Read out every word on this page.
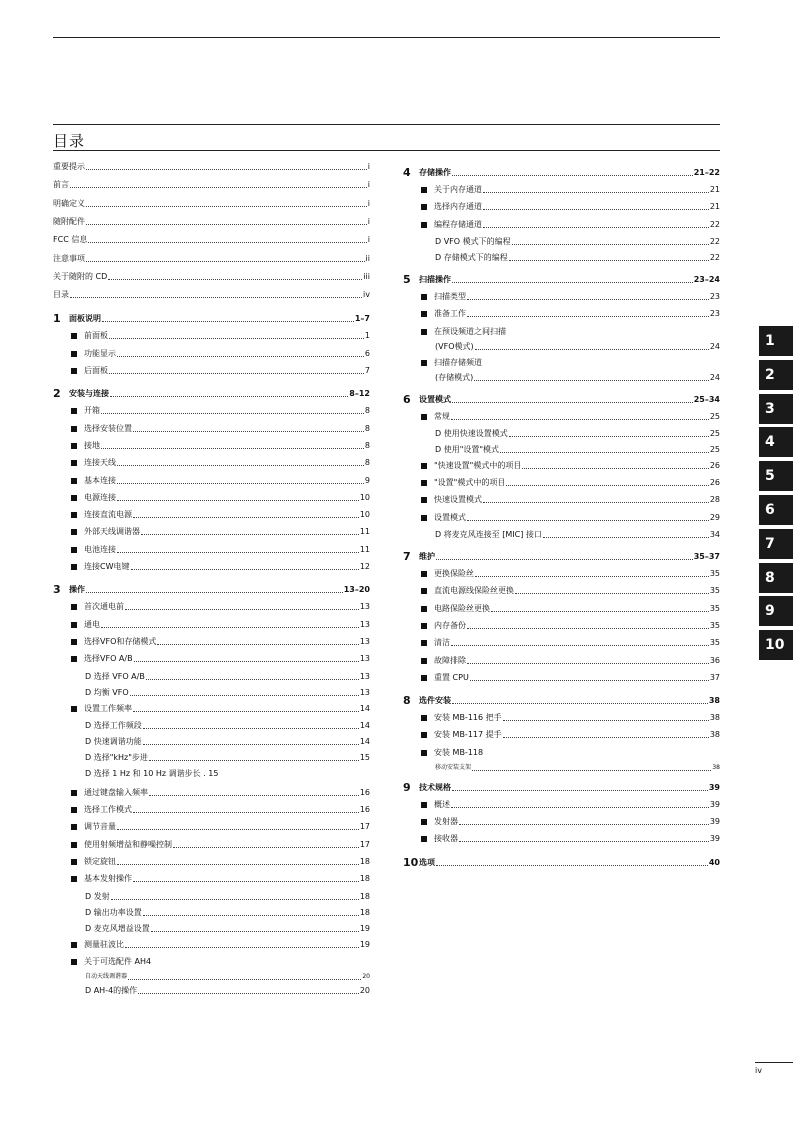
目录
重要提示	i
前言	i
明确定义	i
随附配件	i
FCC 信息	i
注意事项	ii
关于随附的 CD	iii
目录	iv
1	面板说明	1–7
前面板	1
功能显示	6
后面板	7
2	安装与连接	8–12
开箱	8
选择安装位置	8
接地	8
连接天线	8
基本连接	9
电源连接	10
连接直流电源	10
外部天线调谐器	11
电池连接	11
连接CW电键	12
3	操作	13–20
首次通电前	13
通电	13
选择VFO和存储模式	13
选择VFO A/B	13
D 选择 VFO A/B	13
D 均衡 VFO	13
设置工作频率	14
D 选择工作频段	14
D 快速调谐功能	14
D 选择"kHz"步进	15
D 选择 1 Hz 和 10 Hz 调谐步长 . 15
通过键盘输入频率	16
选择工作模式	16
调节音量	17
使用射频增益和静噪控制	17
锁定旋钮	18
基本发射操作	18
D 发射	18
D 输出功率设置	18
D 麦克风增益设置	19
测量驻波比	19
关于可选配件 AH4
自动天线调谐器	20
D AH-4的操作	20
4	存储操作	21–22
关于内存通道	21
选择内存通道	21
编程存储通道	22
D VFO 模式下的编程	22
D 存储模式下的编程	22
5	扫描操作	23–24
扫描类型	23
准备工作	23
在预设频道之间扫描
(VFO模式)	24
扫描存储频道
(存储模式)	24
6	设置模式	25–34
常规	25
D 使用快速设置模式	25
D 使用"设置"模式	25
"快速设置"模式中的项目	26
"设置"模式中的项目	26
快速设置模式	28
设置模式	29
D 将麦克风连接至 [MIC] 接口	34
7	维护	35–37
更换保险丝	35
直流电源线保险丝更换	35
电路保险丝更换	35
内存备份	35
清洁	35
故障排除	36
重置 CPU	37
8	选件安装	38
安装 MB-116 把手	38
安装 MB-117 提手	38
安装 MB-118
移动安装支架	38
9	技术规格	39
概述	39
发射器	39
接收器	39
10 选项	40
1
2
3
4
5
6
7
8
9
10
iv
